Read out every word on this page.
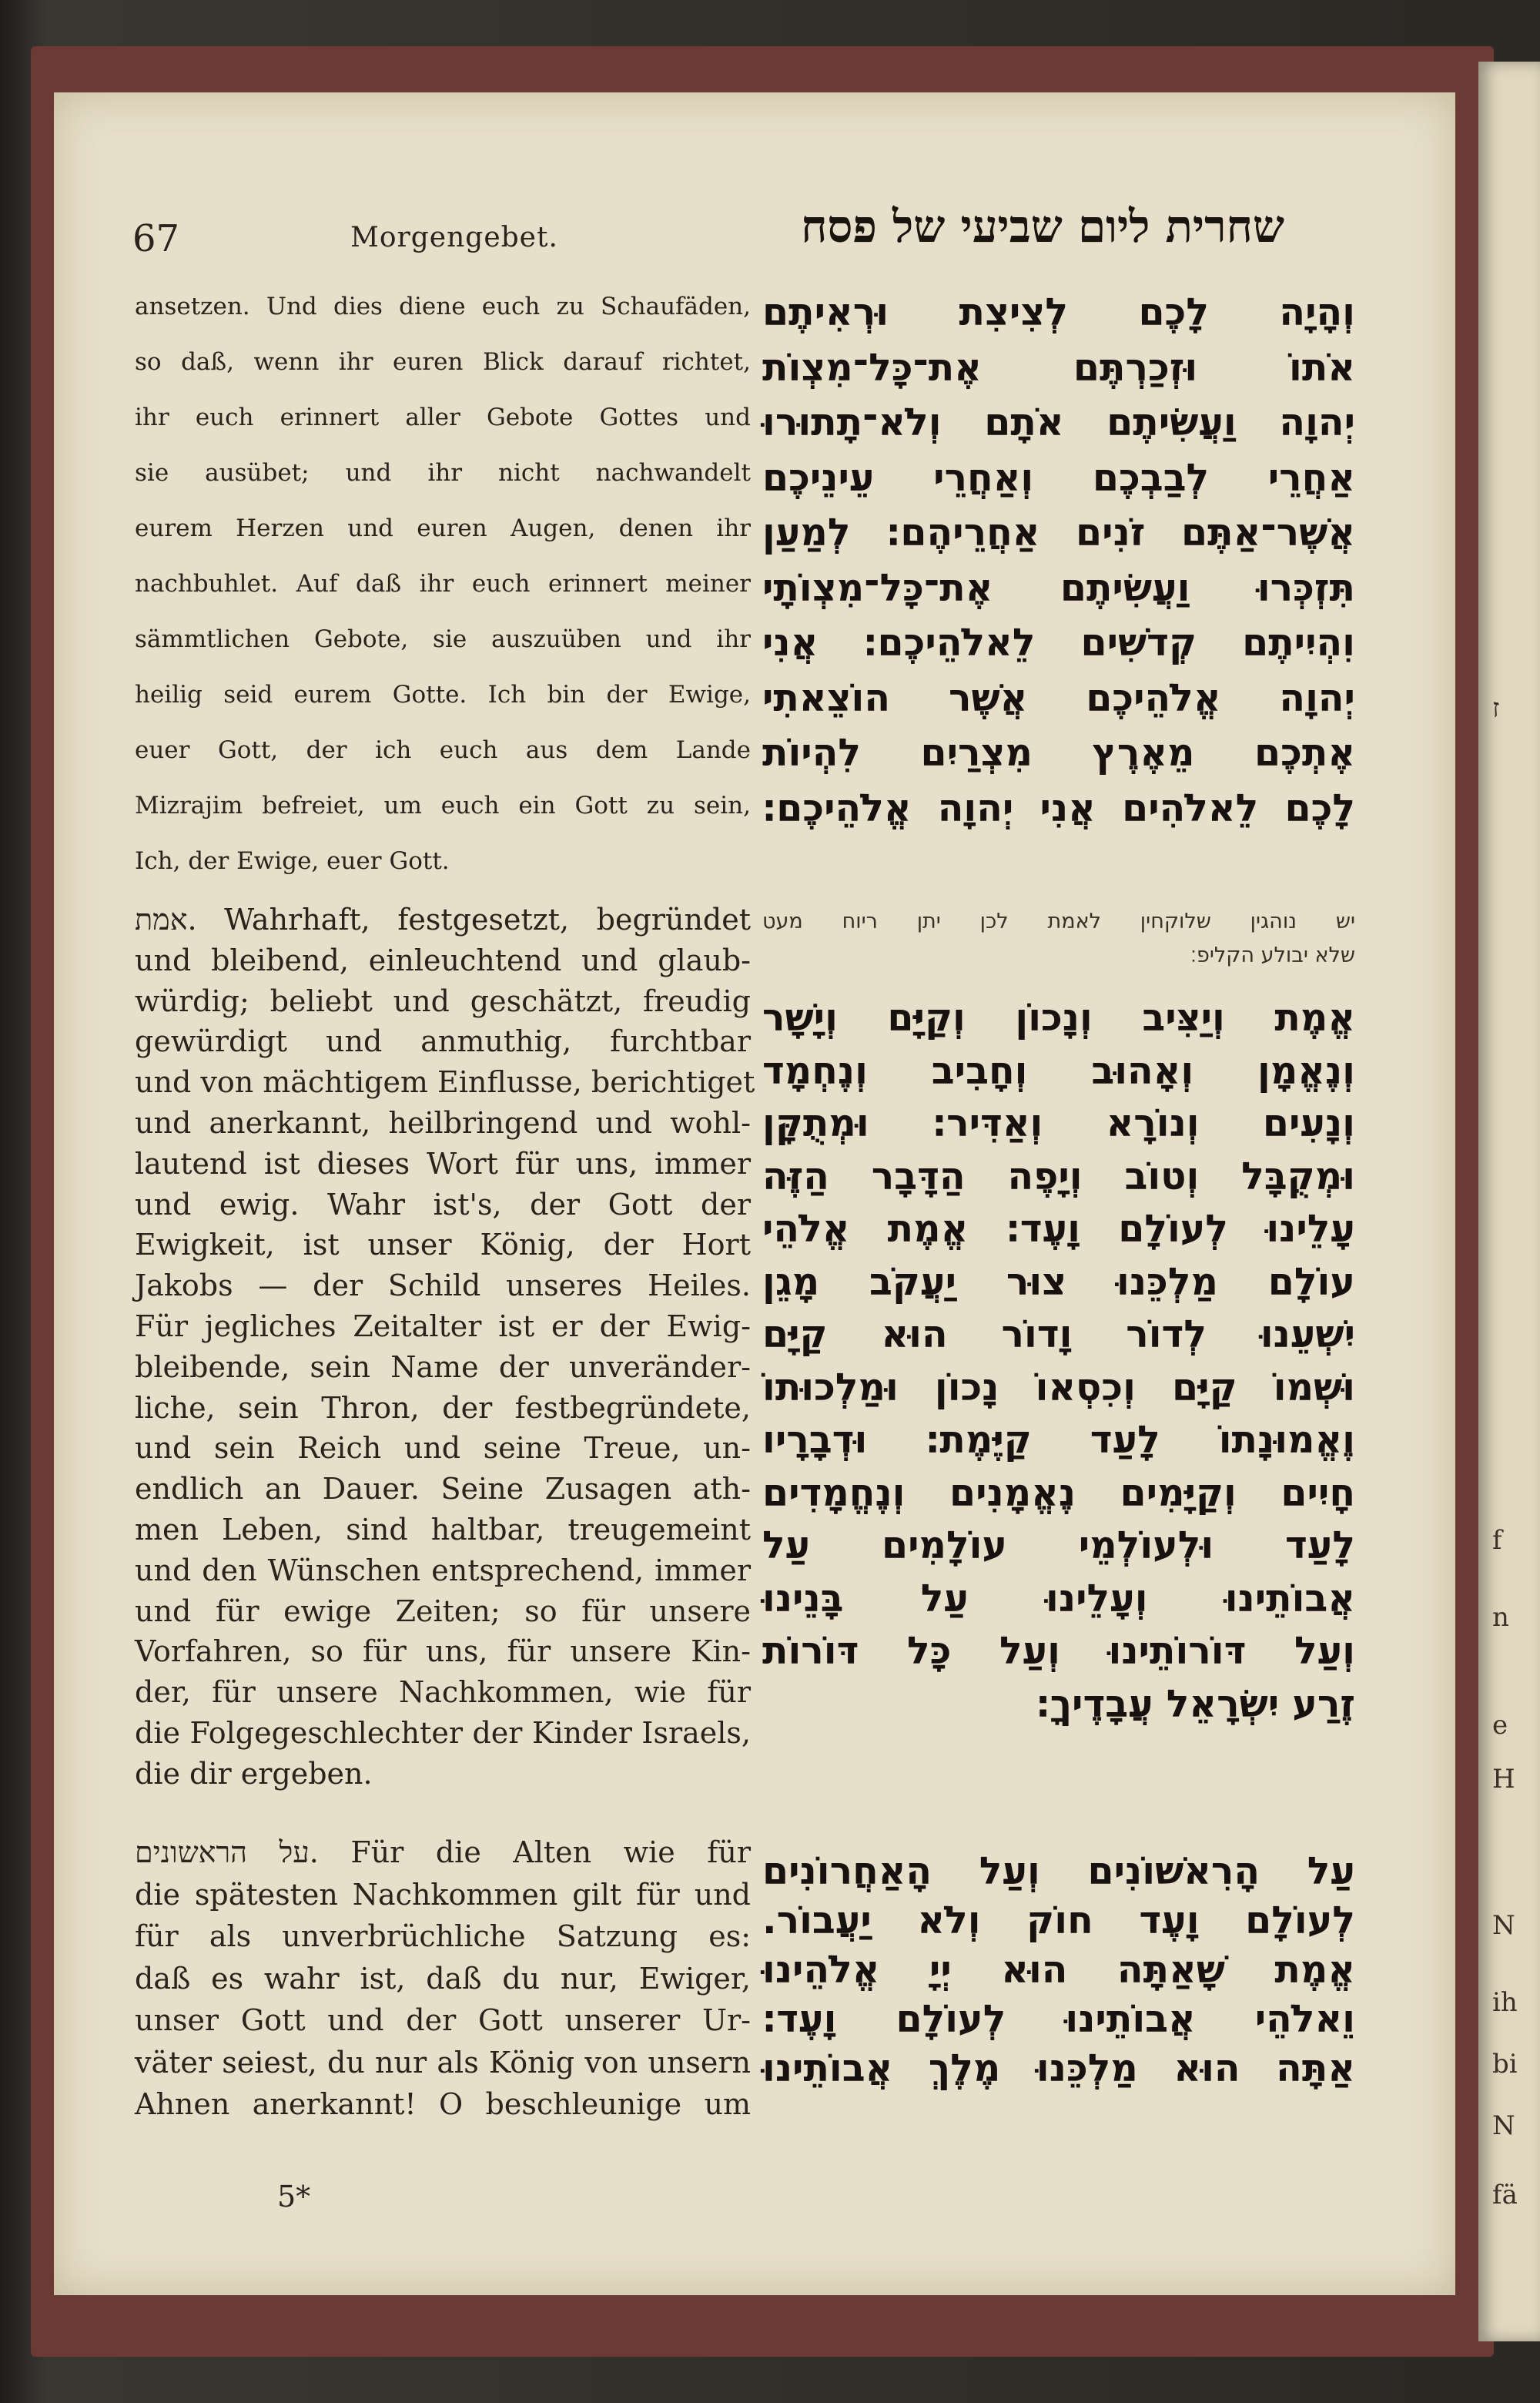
ז
f
n
e
H
N
ih
bi
N
fä
67	Morgengebet.	שחרית ליום שביעי של פסח
ansetzen. Und dies diene euch zu Schaufäden,
so daß, wenn ihr euren Blick darauf richtet,
ihr euch erinnert aller Gebote Gottes und
sie ausübet; und ihr nicht nachwandelt
eurem Herzen und euren Augen, denen ihr
nachbuhlet. Auf daß ihr euch erinnert meiner
sämmtlichen Gebote, sie auszuüben und ihr
heilig seid eurem Gotte. Ich bin der Ewige,
euer Gott, der ich euch aus dem Lande
Mizrajim befreiet, um euch ein Gott zu sein,
Ich, der Ewige, euer Gott.
אמת. Wahrhaft, festgesetzt, begründet
und bleibend, einleuchtend und glaub-
würdig; beliebt und geschätzt, freudig
gewürdigt und anmuthig, furchtbar
und von mächtigem Einflusse, berichtiget
und anerkannt, heilbringend und wohl-
lautend ist dieses Wort für uns, immer
und ewig. Wahr ist's, der Gott der
Ewigkeit, ist unser König, der Hort
Jakobs — der Schild unseres Heiles.
Für jegliches Zeitalter ist er der Ewig-
bleibende, sein Name der unveränder-
liche, sein Thron, der festbegründete,
und sein Reich und seine Treue, un-
endlich an Dauer. Seine Zusagen ath-
men Leben, sind haltbar, treugemeint
und den Wünschen entsprechend, immer
und für ewige Zeiten; so für unsere
Vorfahren, so für uns, für unsere Kin-
der, für unsere Nachkommen, wie für
die Folgegeschlechter der Kinder Israels,
die dir ergeben.
על הראשונים. Für die Alten wie für
die spätesten Nachkommen gilt für und
für als unverbrüchliche Satzung es:
daß es wahr ist, daß du nur, Ewiger,
unser Gott und der Gott unserer Ur-
väter seiest, du nur als König von unsern
Ahnen anerkannt! O beschleunige um
וְהָיָה לָכֶם לְצִיצִת וּרְאִיתֶם
אֹתוֹ וּזְכַרְתֶּם אֶת־כָּל־מִצְוֹת
יְהוָה וַעֲשִׂיתֶם אֹתָם וְלֹא־תָתוּרוּ
אַחֲרֵי לְבַבְכֶם וְאַחֲרֵי עֵינֵיכֶם
אֲשֶׁר־אַתֶּם זֹנִים אַחֲרֵיהֶם׃ לְמַעַן
תִּזְכְּרוּ וַעֲשִׂיתֶם אֶת־כָּל־מִצְוֹתָי
וִהְיִיתֶם קְדֹשִׁים לֵאלֹהֵיכֶם׃ אֲנִי
יְהוָה אֱלֹהֵיכֶם אֲשֶׁר הוֹצֵאתִי
אֶתְכֶם מֵאֶרֶץ מִצְרַיִם לִהְיוֹת
לָכֶם לֵאלֹהִים אֲנִי יְהוָה אֱלֹהֵיכֶם׃
יש נוהגין שלוקחין לאמת לכן יתן ריוח מעט
שלא יבולע הקליפ׃
אֱמֶת וְיַצִּיב וְנָכוֹן וְקַיָּם וְיָשָׁר
וְנֶאֱמָן וְאָהוּב וְחָבִיב וְנֶחְמָד
וְנָעִים וְנוֹרָא וְאַדִּיר׃ וּמְתֻקָּן
וּמְקֻבָּל וְטוֹב וְיָפֶה הַדָּבָר הַזֶּה
עָלֵינוּ לְעוֹלָם וָעֶד׃ אֱמֶת אֱלֹהֵי
עוֹלָם מַלְכֵּנוּ צוּר יַעֲקֹב מָגֵן
יִשְׁעֵנוּ לְדוֹר וָדוֹר הוּא קַיָּם
וּשְׁמוֹ קַיָּם וְכִסְאוֹ נָכוֹן וּמַלְכוּתוֹ
וֶאֱמוּנָתוֹ לָעַד קַיֶּמֶת׃ וּדְבָרָיו
חָיִים וְקַיָּמִים נֶאֱמָנִים וְנֶחֱמָדִים
לָעַד וּלְעוֹלְמֵי עוֹלָמִים עַל
אֲבוֹתֵינוּ וְעָלֵינוּ עַל בָּנֵינוּ
וְעַל דּוֹרוֹתֵינוּ וְעַל כָּל דּוֹרוֹת
זֶרַע יִשְׂרָאֵל עֲבָדֶיךָ׃
עַל הָרִאשׁוֹנִים וְעַל הָאַחֲרוֹנִים
לְעוֹלָם וָעֶד חוֹק וְלֹא יַעֲבוֹר.
אֱמֶת שָׁאַתָּה הוּא יְיָ אֱלֹהֵינוּ
וֵאלֹהֵי אֲבוֹתֵינוּ לְעוֹלָם וָעֶד׃
אַתָּה הוּא מַלְכֵּנוּ מֶלֶךְ אֲבוֹתֵינוּ
5*
